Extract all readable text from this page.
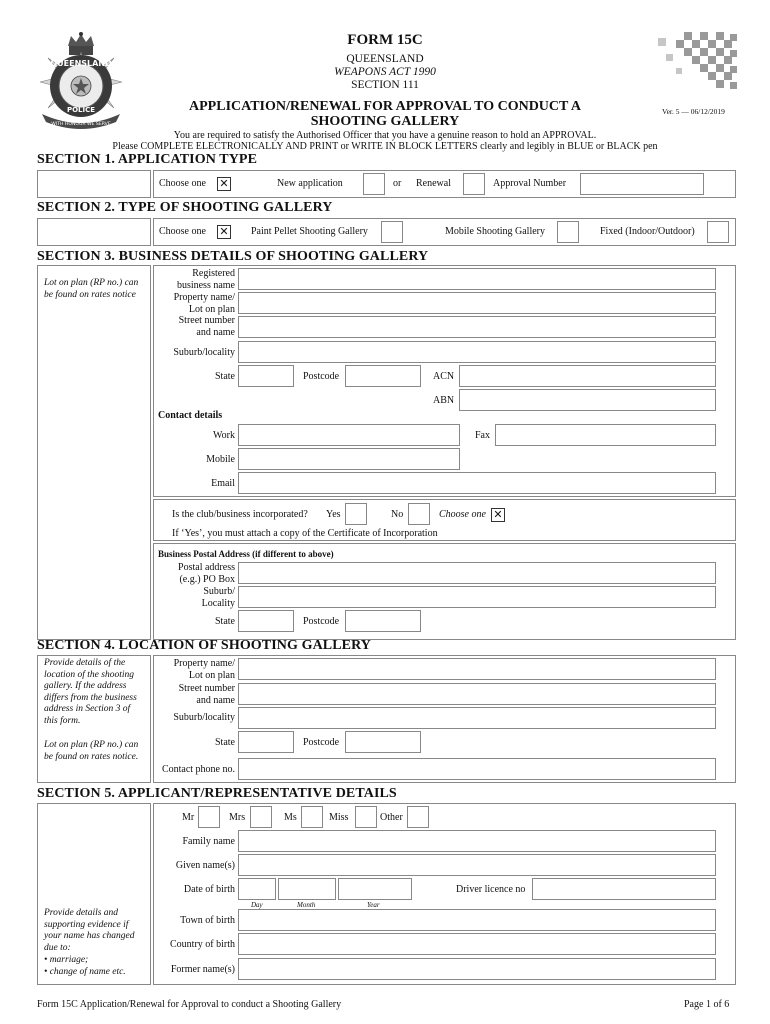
QUEENSLAND
POLICE
WITH HONOUR WE SERVE
FORM 15C
QUEENSLAND
WEAPONS ACT 1990
SECTION 111
APPLICATION/RENEWAL FOR APPROVAL TO CONDUCT A
SHOOTING GALLERY
Ver. 5 — 06/12/2019
You are required to satisfy the Authorised Officer that you have a genuine reason to hold an APPROVAL.
Please COMPLETE ELECTRONICALLY AND PRINT or WRITE IN BLOCK LETTERS clearly and legibly in BLUE or BLACK pen
SECTION 1. APPLICATION TYPE
Choose one ✕	New application	or Renewal	Approval Number
SECTION 2. TYPE OF SHOOTING GALLERY
Choose one ✕ Paint Pellet Shooting Gallery	Mobile Shooting Gallery	Fixed (Indoor/Outdoor)
SECTION 3. BUSINESS DETAILS OF SHOOTING GALLERY
Lot on plan (RP no.) can be found on rates notice
Registered
business name
Property name/
Lot on plan
Street number
and name
Suburb/locality
State	Postcode	ACN
ABN
Contact details
Work	Fax
Mobile
Email
Is the club/business incorporated? Yes	No	Choose one ✕
If ‘Yes’, you must attach a copy of the Certificate of Incorporation
Business Postal Address (if different to above)
Postal address
(e.g.) PO Box
Suburb/
Locality
State	Postcode
SECTION 4. LOCATION OF SHOOTING GALLERY
Provide details of the location of the shooting gallery. If the address differs from the business address in Section 3 of this form.
Lot on plan (RP no.) can be found on rates notice.
Property name/
Lot on plan
Street number
and name
Suburb/locality
State	Postcode
Contact phone no.
SECTION 5. APPLICANT/REPRESENTATIVE DETAILS
Provide details and supporting evidence if your name has changed due to:
• marriage;
• change of name etc.
Mr	Mrs	Ms	Miss	Other
Family name
Given name(s)
Date of birth
Day	Month	Year
Driver licence no
Town of birth
Country of birth
Former name(s)
Form 15C Application/Renewal for Approval to conduct a Shooting Gallery	Page 1 of 6
